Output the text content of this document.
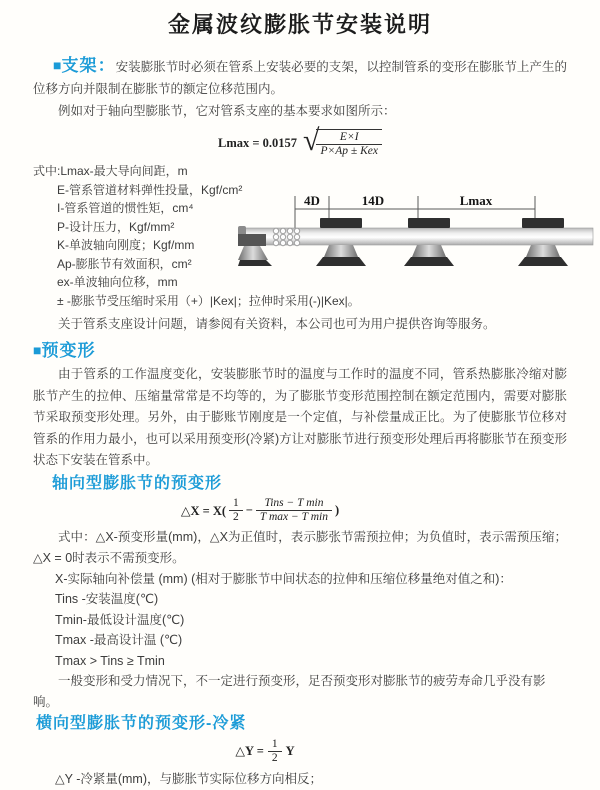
金属波纹膨胀节安装说明

■支架：安装膨胀节时必须在管系上安装必要的支架，以控制管系的变形在膨胀节上产生的位移方向并限制在膨胀节的额定位移范围内。

例如对于轴向型膨胀节，它对管系支座的基本要求如图所示：

Lmax = 0.0157 √
$\frac{E\times I}{\text{P×Ap ± Kex}}$
式中:Lmax-最大导向间距，m
E-管系管道材料弹性投量，Kgf/cm²
I-管系管道的惯性矩，cm⁴
P-设计压力，Kgf/mm²
K-单波轴向刚度；Kgf/mm
Ap-膨胀节有效面积，cm²
ex-单波轴向位移，mm
± -膨胀节受压缩时采用（+）|Kex|；拉伸时采用(-)|Kex|。
4D	14D	Lmax

关于管系支座设计问题，请参阅有关资料，本公司也可为用户提供咨询等服务。

■预变形

由于管系的工作温度变化，安装膨胀节时的温度与工作时的温度不同，管系热膨胀冷缩对膨胀节产生的拉伸、压缩量常常是不均等的，为了膨胀节变形范围控制在额定范围内，需要对膨胀节采取预变形处理。另外，由于膨账节刚度是一个定值，与补偿量成正比。为了使膨胀节位移对管系的作用力最小，也可以采用预变形(冷紧)方让对膨胀节进行预变形处理后再将膨胀节在预变形状态下安装在管系中。

轴向型膨胀节的预变形
△X = $X( \frac{1}{2} - \frac{\text{Tins − T min}}{\text{T max − T min}}$ )

式中：△X-预变形量(mm)，△X为正值时，表示膨张节需预拉伸；为负值时，表示需预压缩；△X = 0时表示不需预变形。

X-实际轴向补偿量 (mm) (相对于膨胀节中间状态的拉伸和压缩位移量绝对值之和)：
Tins -安装温度(℃)
Tmin-最低设计温度(℃)
Tmax -最高设计温 (℃)
Tmax > Tins ≥ Tmin
一般变形和受力情况下，不一定进行预变形，足否预变形对膨胀节的疲劳寿命几乎没有影响。
横向型膨胀节的预变形-冷紧
△Y = $\frac{1}{2}$ Y

△Y -冷紧量(mm)，与膨胀节实际位移方向相反；
